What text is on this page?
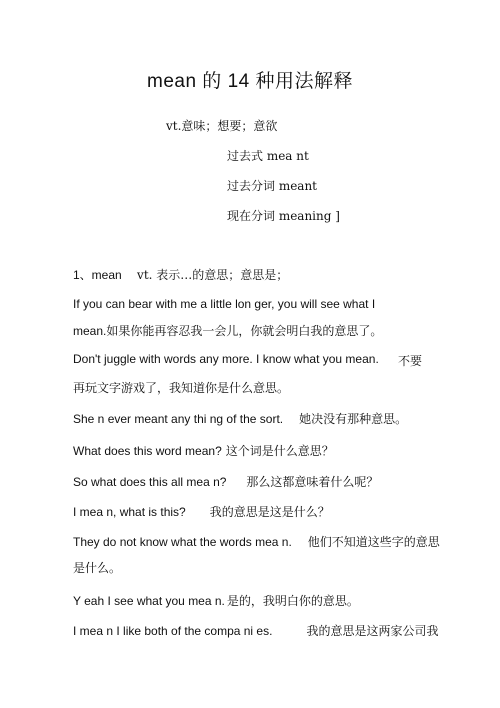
mean 的 14 种用法解释
vt.意味；想要；意欲
过去式 mea nt
过去分词 meant
现在分词 meaning ]
1、mean vt. 表示…的意思；意思是；
If you can bear with me a little lon ger, you will see what I
mean.如果你能再容忍我一会儿，你就会明白我的意思了。
Don't juggle with words any more. I know what you mean. 不要
再玩文字游戏了，我知道你是什么意思。
She n ever meant any thi ng of the sort. 她决没有那种意思。
What does this word mean? 这个词是什么意思？
So what does this all mea n? 那么这都意味着什么呢？
I mea n, what is this? 我的意思是这是什么？
They do not know what the words mea n. 他们不知道这些字的意思
是什么。
Y eah I see what you mea n. 是的，我明白你的意思。
I mea n I like both of the compa ni es.	我的意思是这两家公司我
